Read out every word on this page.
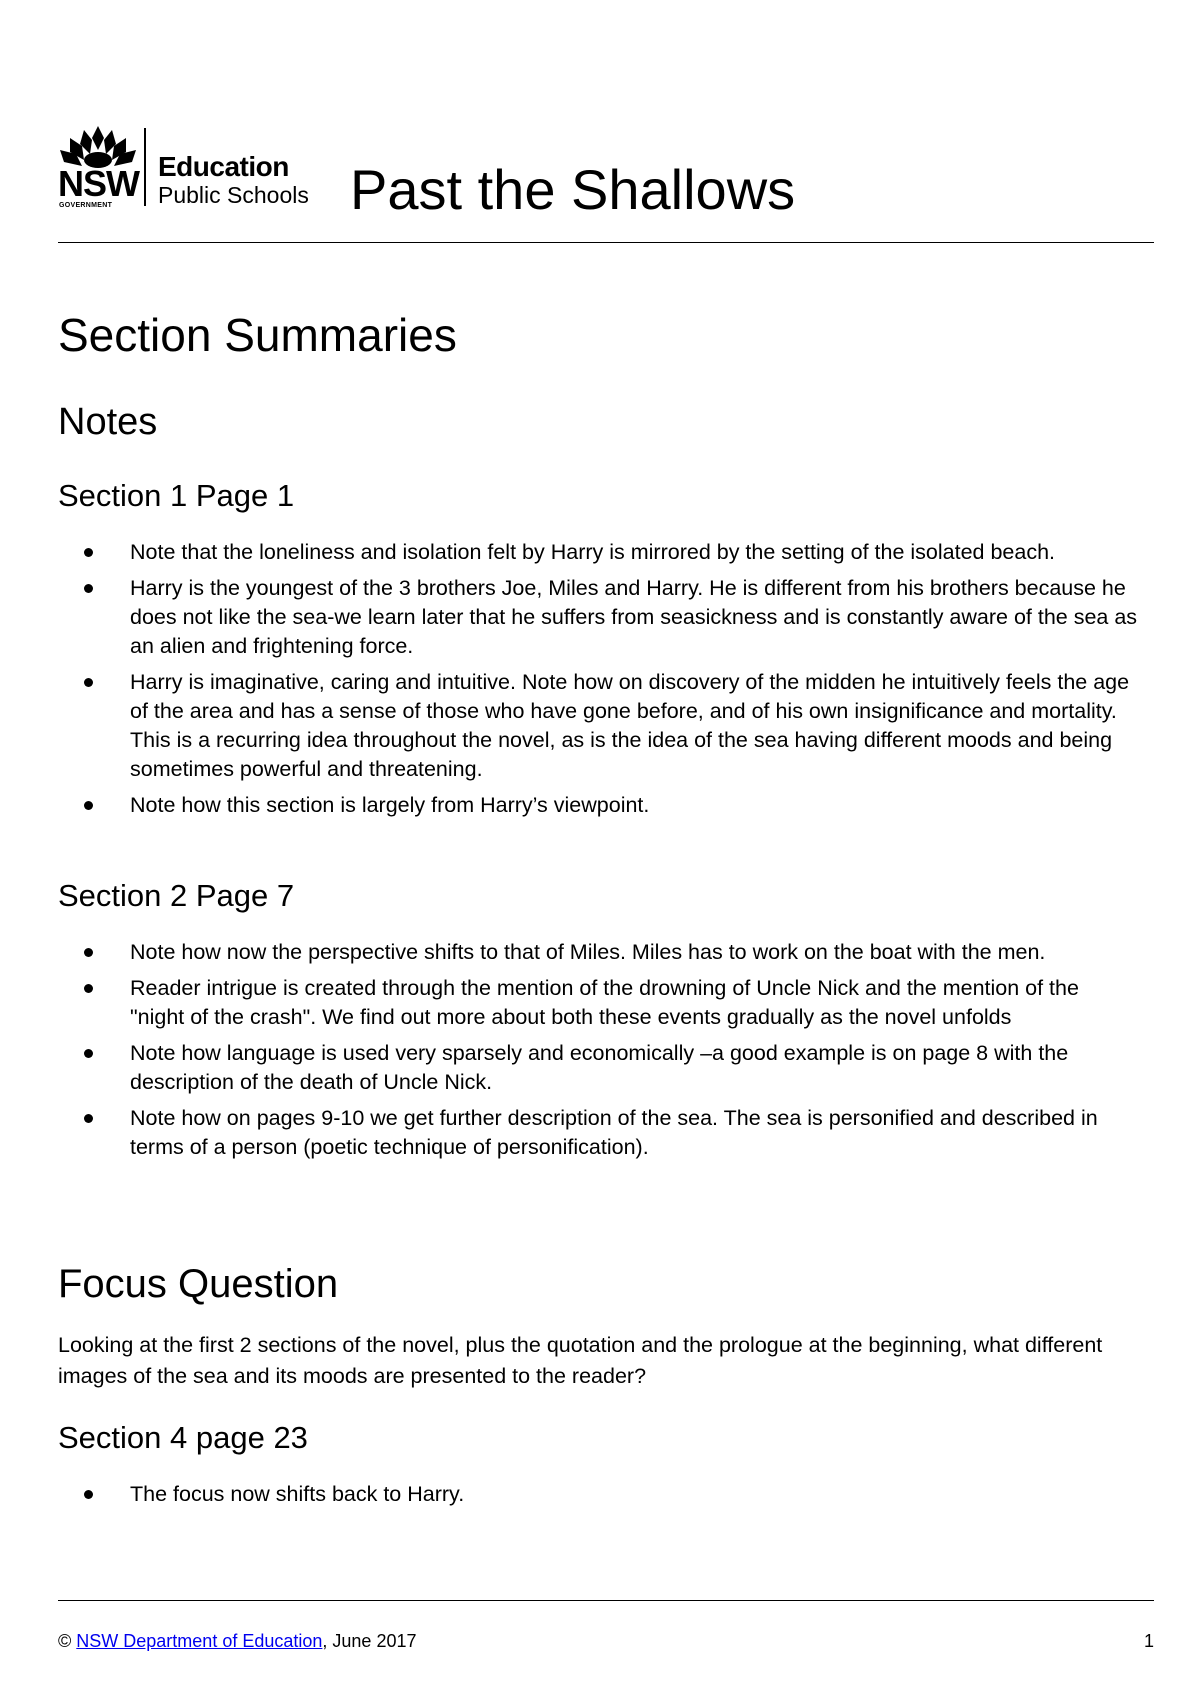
NSW
GOVERNMENT
Education
Public Schools Past the Shallows
Section Summaries
Notes
Section 1 Page 1
Note that the loneliness and isolation felt by Harry is mirrored by the setting of the isolated beach.
Harry is the youngest of the 3 brothers Joe, Miles and Harry. He is different from his brothers because he does not like the sea-we learn later that he suffers from seasickness and is constantly aware of the sea as an alien and frightening force.
Harry is imaginative, caring and intuitive. Note how on discovery of the midden he intuitively feels the age of the area and has a sense of those who have gone before, and of his own insignificance and mortality. This is a recurring idea throughout the novel, as is the idea of the sea having different moods and being sometimes powerful and threatening.
Note how this section is largely from Harry’s viewpoint.
Section 2 Page 7
Note how now the perspective shifts to that of Miles. Miles has to work on the boat with the men.
Reader intrigue is created through the mention of the drowning of Uncle Nick and the mention of the "night of the crash". We find out more about both these events gradually as the novel unfolds
Note how language is used very sparsely and economically –a good example is on page 8 with the description of the death of Uncle Nick.
Note how on pages 9-10 we get further description of the sea. The sea is personified and described in terms of a person (poetic technique of personification).
Focus Question

Looking at the first 2 sections of the novel, plus the quotation and the prologue at the beginning, what different images of the sea and its moods are presented to the reader?

Section 4 page 23
The focus now shifts back to Harry.
© NSW Department of Education, June 2017	1
